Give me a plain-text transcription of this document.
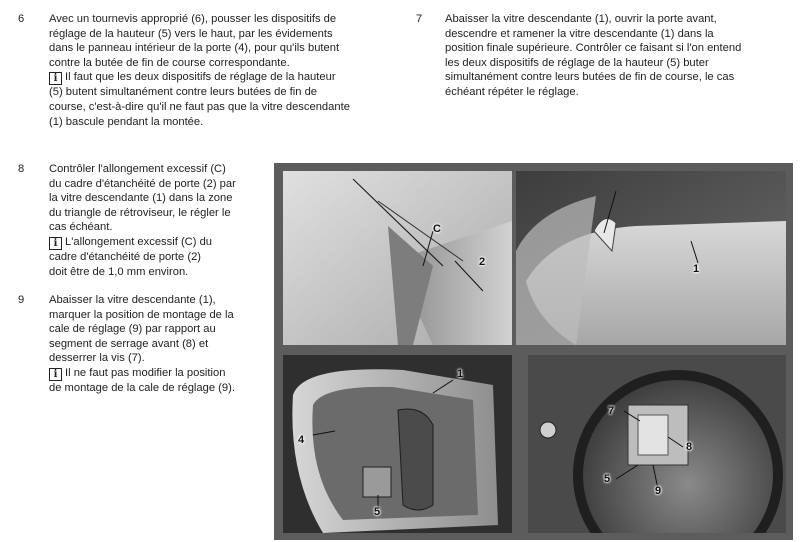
6	Avec un tournevis approprié (6), pousser les dispositifs de
réglage de la hauteur (5) vers le haut, par les évidements
dans le panneau intérieur de la porte (4), pour qu'ils butent
contre la butée de fin de course correspondante.
i Il faut que les deux dispositifs de réglage de la hauteur
(5) butent simultanément contre leurs butées de fin de
course, c'est-à-dire qu'il ne faut pas que la vitre descendante
(1) bascule pendant la montée.
7	Abaisser la vitre descendante (1), ouvrir la porte avant,
descendre et ramener la vitre descendante (1) dans la
position finale supérieure. Contrôler ce faisant si l'on entend
les deux dispositifs de réglage de la hauteur (5) buter
simultanément contre leurs butées de fin de course, le cas
échéant répéter le réglage.
8	Contrôler l'allongement excessif (C)
du cadre d'étanchéité de porte (2) par
la vitre descendante (1) dans la zone
du triangle de rétroviseur, le régler le
cas échéant.
i L'allongement excessif (C) du
cadre d'étanchéité de porte (2)
doit être de 1,0 mm environ.
9	Abaisser la vitre descendante (1),
marquer la position de montage de la
cale de réglage (9) par rapport au
segment de serrage avant (8) et
desserrer la vis (7).
i Il ne faut pas modifier la position
de montage de la cale de réglage (9).
C
2
1
1
4
5
7
8
5
9
